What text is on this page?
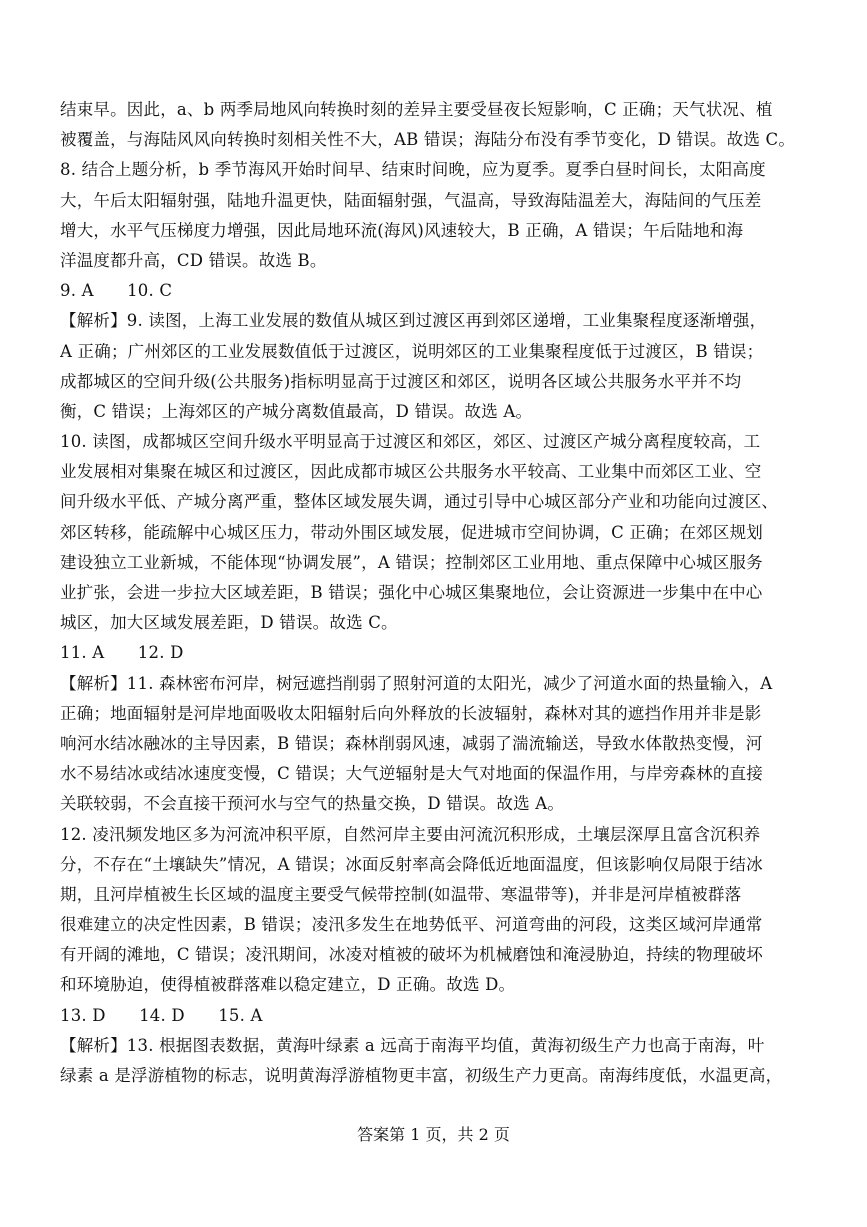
结束早。因此，a、b 两季局地风向转换时刻的差异主要受昼夜长短影响，C 正确；天气状况、植
被覆盖，与海陆风风向转换时刻相关性不大，AB 错误；海陆分布没有季节变化，D 错误。故选 C。
8. 结合上题分析，b 季节海风开始时间早、结束时间晚，应为夏季。夏季白昼时间长，太阳高度
大，午后太阳辐射强，陆地升温更快，陆面辐射强，气温高，导致海陆温差大，海陆间的气压差
增大，水平气压梯度力增强，因此局地环流(海风)风速较大，B 正确，A 错误；午后陆地和海
洋温度都升高，CD 错误。故选 B。
9. A　　10. C
【解析】9. 读图，上海工业发展的数值从城区到过渡区再到郊区递增，工业集聚程度逐渐增强，
A 正确；广州郊区的工业发展数值低于过渡区，说明郊区的工业集聚程度低于过渡区，B 错误；
成都城区的空间升级(公共服务)指标明显高于过渡区和郊区，说明各区域公共服务水平并不均
衡，C 错误；上海郊区的产城分离数值最高，D 错误。故选 A。
10. 读图，成都城区空间升级水平明显高于过渡区和郊区，郊区、过渡区产城分离程度较高，工
业发展相对集聚在城区和过渡区，因此成都市城区公共服务水平较高、工业集中而郊区工业、空
间升级水平低、产城分离严重，整体区域发展失调，通过引导中心城区部分产业和功能向过渡区、
郊区转移，能疏解中心城区压力，带动外围区域发展，促进城市空间协调，C 正确；在郊区规划
建设独立工业新城，不能体现“协调发展”，A 错误；控制郊区工业用地、重点保障中心城区服务
业扩张，会进一步拉大区域差距，B 错误；强化中心城区集聚地位，会让资源进一步集中在中心
城区，加大区域发展差距，D 错误。故选 C。
11. A　　12. D
【解析】11. 森林密布河岸，树冠遮挡削弱了照射河道的太阳光，减少了河道水面的热量输入，A
正确；地面辐射是河岸地面吸收太阳辐射后向外释放的长波辐射，森林对其的遮挡作用并非是影
响河水结冰融冰的主导因素，B 错误；森林削弱风速，减弱了湍流输送，导致水体散热变慢，河
水不易结冰或结冰速度变慢，C 错误；大气逆辐射是大气对地面的保温作用，与岸旁森林的直接
关联较弱，不会直接干预河水与空气的热量交换，D 错误。故选 A。
12. 凌汛频发地区多为河流冲积平原，自然河岸主要由河流沉积形成，土壤层深厚且富含沉积养
分，不存在“土壤缺失”情况，A 错误；冰面反射率高会降低近地面温度，但该影响仅局限于结冰
期，且河岸植被生长区域的温度主要受气候带控制(如温带、寒温带等)，并非是河岸植被群落
很难建立的决定性因素，B 错误；凌汛多发生在地势低平、河道弯曲的河段，这类区域河岸通常
有开阔的滩地，C 错误；凌汛期间，冰凌对植被的破坏为机械磨蚀和淹浸胁迫，持续的物理破坏
和环境胁迫，使得植被群落难以稳定建立，D 正确。故选 D。
13. D　　14. D　　15. A
【解析】13. 根据图表数据，黄海叶绿素 a 远高于南海平均值，黄海初级生产力也高于南海，叶
绿素 a 是浮游植物的标志，说明黄海浮游植物更丰富，初级生产力更高。南海纬度低，水温更高，
答案第 1 页，共 2 页
